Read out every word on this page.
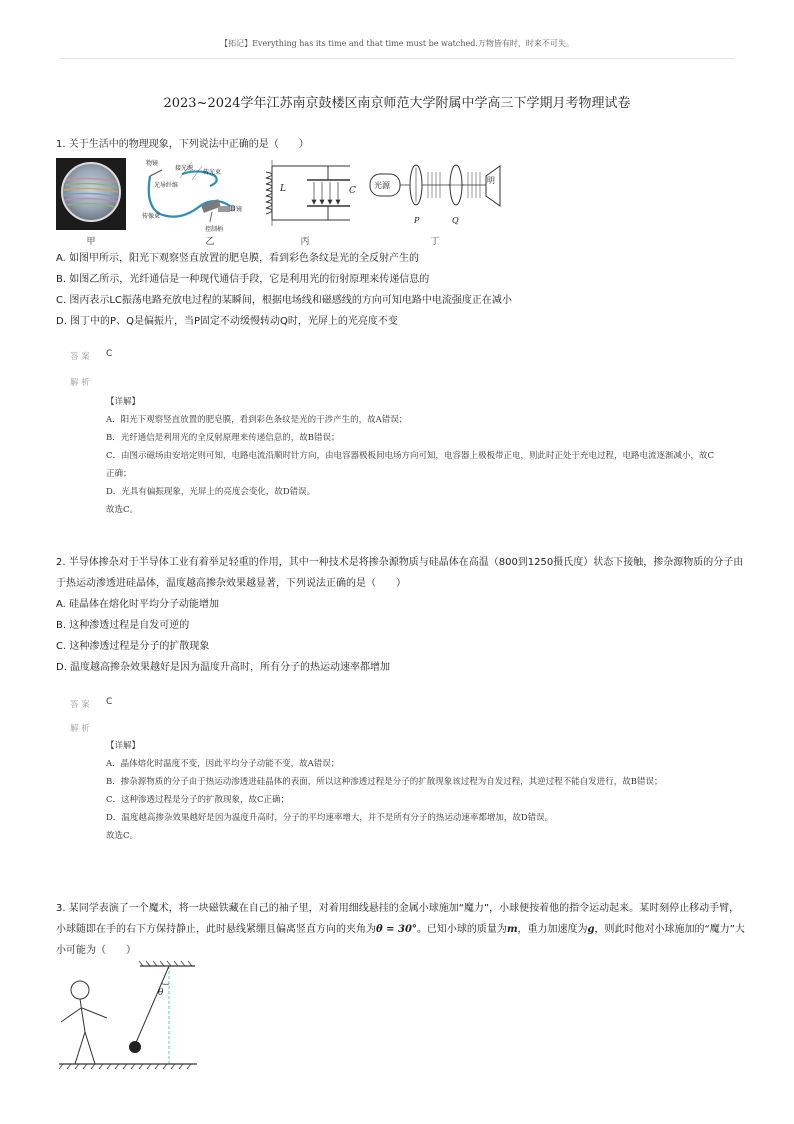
【拓记】Everything has its time and that time must be watched.万物皆有时，时来不可失。
2023~2024学年江苏南京鼓楼区南京师范大学附属中学高三下学期月考物理试卷
1. 关于生活中的物理现象，下列说法中正确的是（　　）
甲
物镜
接光源
传光束
光导纤维
传像束
目镜
控制柄
乙
L	C
丙
光源
P	Q
明
丁
A. 如图甲所示，阳光下观察竖直放置的肥皂膜，看到彩色条纹是光的全反射产生的
B. 如图乙所示，光纤通信是一种现代通信手段，它是利用光的衍射原理来传递信息的
C. 图丙表示LC振荡电路充放电过程的某瞬间，根据电场线和磁感线的方向可知电路中电流强度正在减小
D. 图丁中的P、Q是偏振片，当P固定不动缓慢转动Q时，光屏上的光亮度不变
答 案 C
解 析
【详解】
A．阳光下观察竖直放置的肥皂膜，看到彩色条纹是光的干涉产生的，故A错误；
B．光纤通信是利用光的全反射原理来传递信息的，故B错误；
C．由图示磁场由安培定则可知，电路电流沿顺时针方向，由电容器极板间电场方向可知，电容器上极板带正电，则此时正处于充电过程，电路电流逐渐减小，故C正确；
D．光具有偏振现象，光屏上的亮度会变化，故D错误。
故选C。
2. 半导体掺杂对于半导体工业有着举足轻重的作用，其中一种技术是将掺杂源物质与硅晶体在高温（800到1250摄氏度）状态下接触，掺杂源物质的分子由于热运动渗透进硅晶体，温度越高掺杂效果越显著，下列说法正确的是（　　）
A. 硅晶体在熔化时平均分子动能增加
B. 这种渗透过程是自发可逆的
C. 这种渗透过程是分子的扩散现象
D. 温度越高掺杂效果越好是因为温度升高时，所有分子的热运动速率都增加
答 案 C
解 析
【详解】
A．晶体熔化时温度不变，因此平均分子动能不变，故A错误；
B．掺杂源物质的分子由于热运动渗透进硅晶体的表面，所以这种渗透过程是分子的扩散现象该过程为自发过程，其逆过程不能自发进行，故B错误；
C．这种渗透过程是分子的扩散现象，故C正确；
D．温度越高掺杂效果越好是因为温度升高时，分子的平均速率增大，并不是所有分子的热运动速率都增加，故D错误。
故选C。
3. 某同学表演了一个魔术，将一块磁铁藏在自己的袖子里，对着用细线悬挂的金属小球施加“魔力”，小球便按着他的指令运动起来。某时刻停止移动手臂，小球随即在手的右下方保持静止，此时悬线紧绷且偏离竖直方向的夹角为θ = 30°。已知小球的质量为m，重力加速度为g，则此时他对小球施加的“魔力”大小可能为（　　）
θ
